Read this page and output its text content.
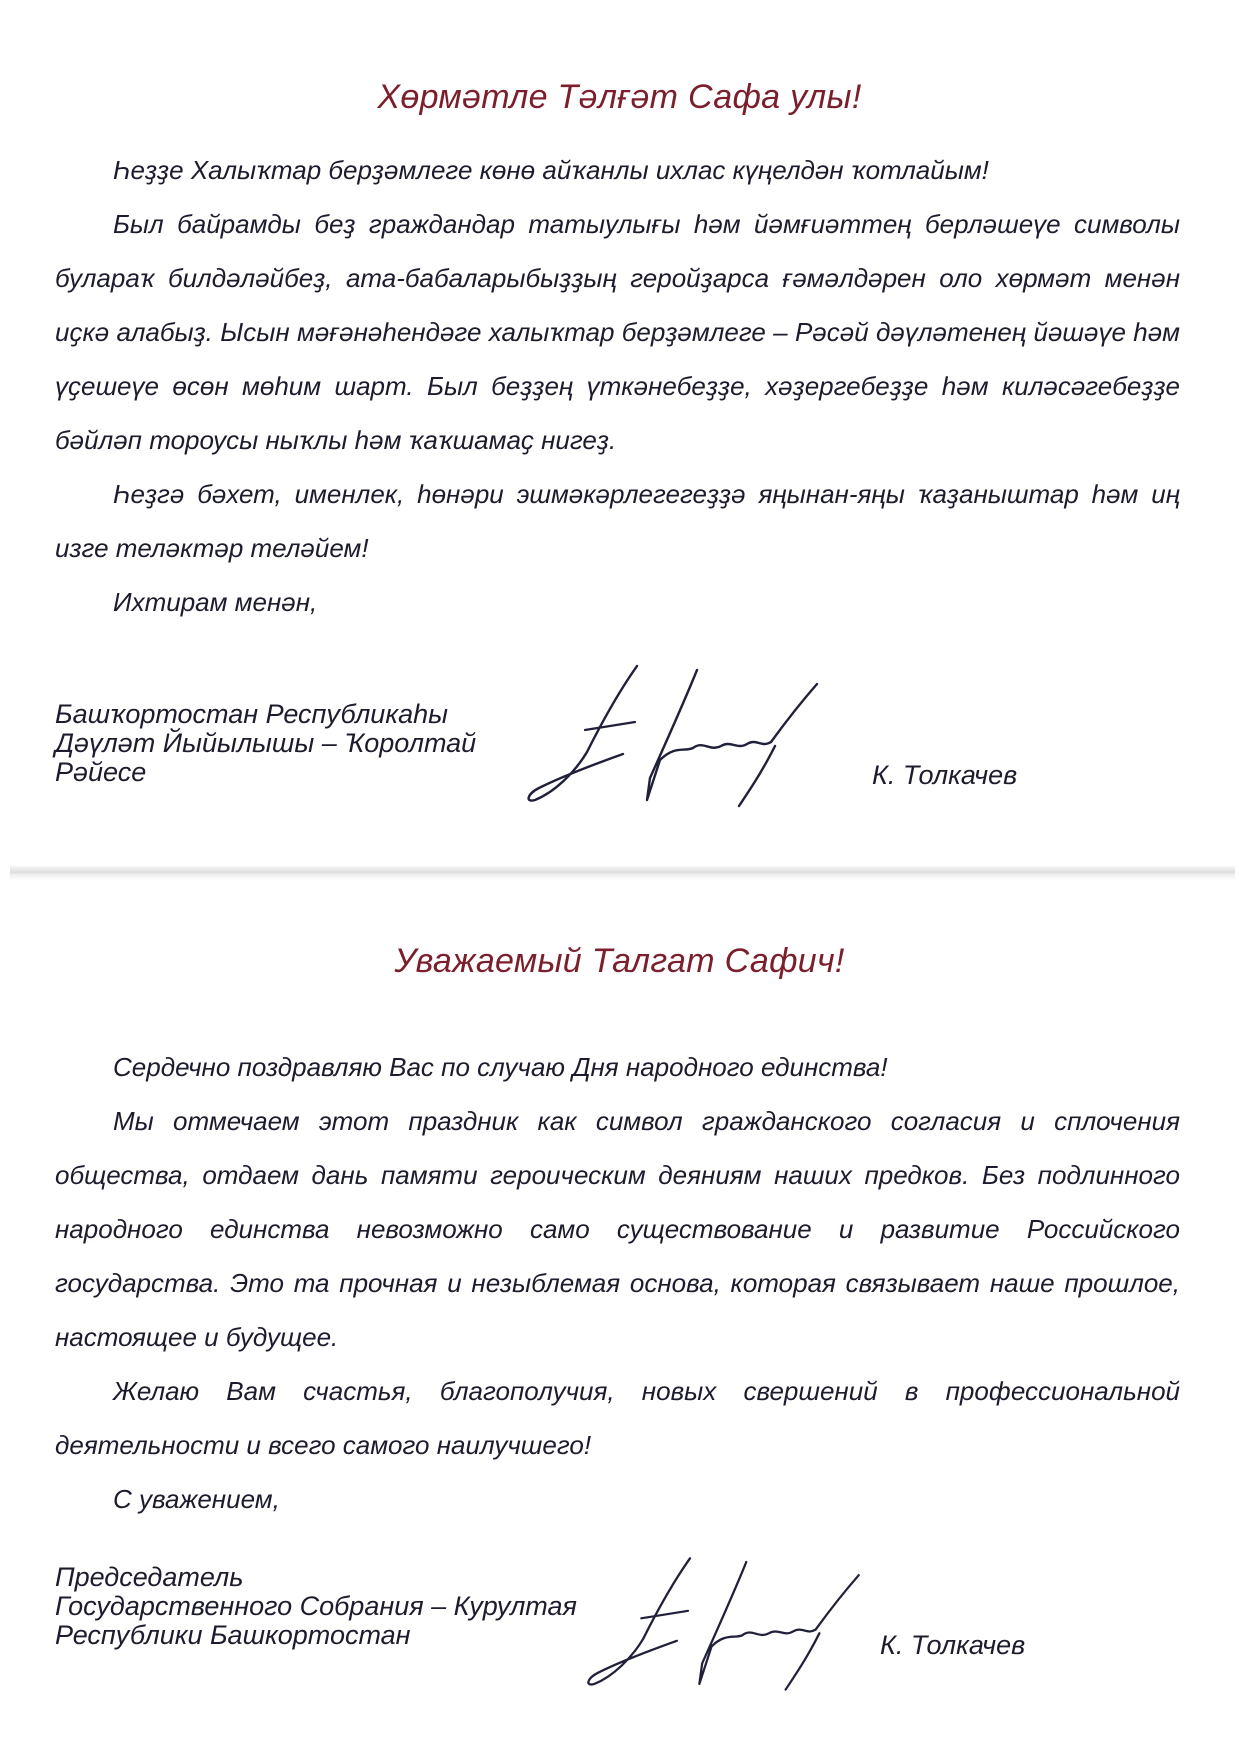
Хөрмәтле Тәлғәт Сафа улы!

Һеҙҙе Халыҡтар берҙәмлеге көнө айҡанлы ихлас күңелдән ҡотлайым!

Был байрамды беҙ граждандар татыулығы һәм йәмғиәттең берләшеүе символы булараҡ билдәләйбеҙ, ата-бабаларыбыҙҙың геройҙарса ғәмәлдәрен оло хөрмәт менән иҫкә алабыҙ. Ысын мәғәнәһендәге халыҡтар берҙәмлеге – Рәсәй дәүләтенең йәшәүе һәм үҫешеүе өсөн мөһим шарт. Был беҙҙең үткәнебеҙҙе, хәҙергебеҙҙе һәм киләсәгебеҙҙе бәйләп тороусы ныҡлы һәм ҡаҡшамаҫ нигеҙ.

Һеҙгә бәхет, именлек, һөнәри эшмәкәрлегегеҙҙә яңынан-яңы ҡаҙаныштар һәм иң изге теләктәр теләйем!

Ихтирам менән,

Башҡортостан Республикаһы
Дәүләт Йыйылышы – Ҡоролтай
Рәйесе	К. Толкачев
Уважаемый Талгат Сафич!

Сердечно поздравляю Вас по случаю Дня народного единства!

Мы отмечаем этот праздник как символ гражданского согласия и сплочения общества, отдаем дань памяти героическим деяниям наших предков. Без подлинного народного единства невозможно само существование и развитие Российского государства. Это та прочная и незыблемая основа, которая связывает наше прошлое, настоящее и будущее.

Желаю Вам счастья, благополучия, новых свершений в профессиональной деятельности и всего самого наилучшего!

С уважением,

Председатель
Государственного Собрания – Курултая
Республики Башкортостан	К. Толкачев
